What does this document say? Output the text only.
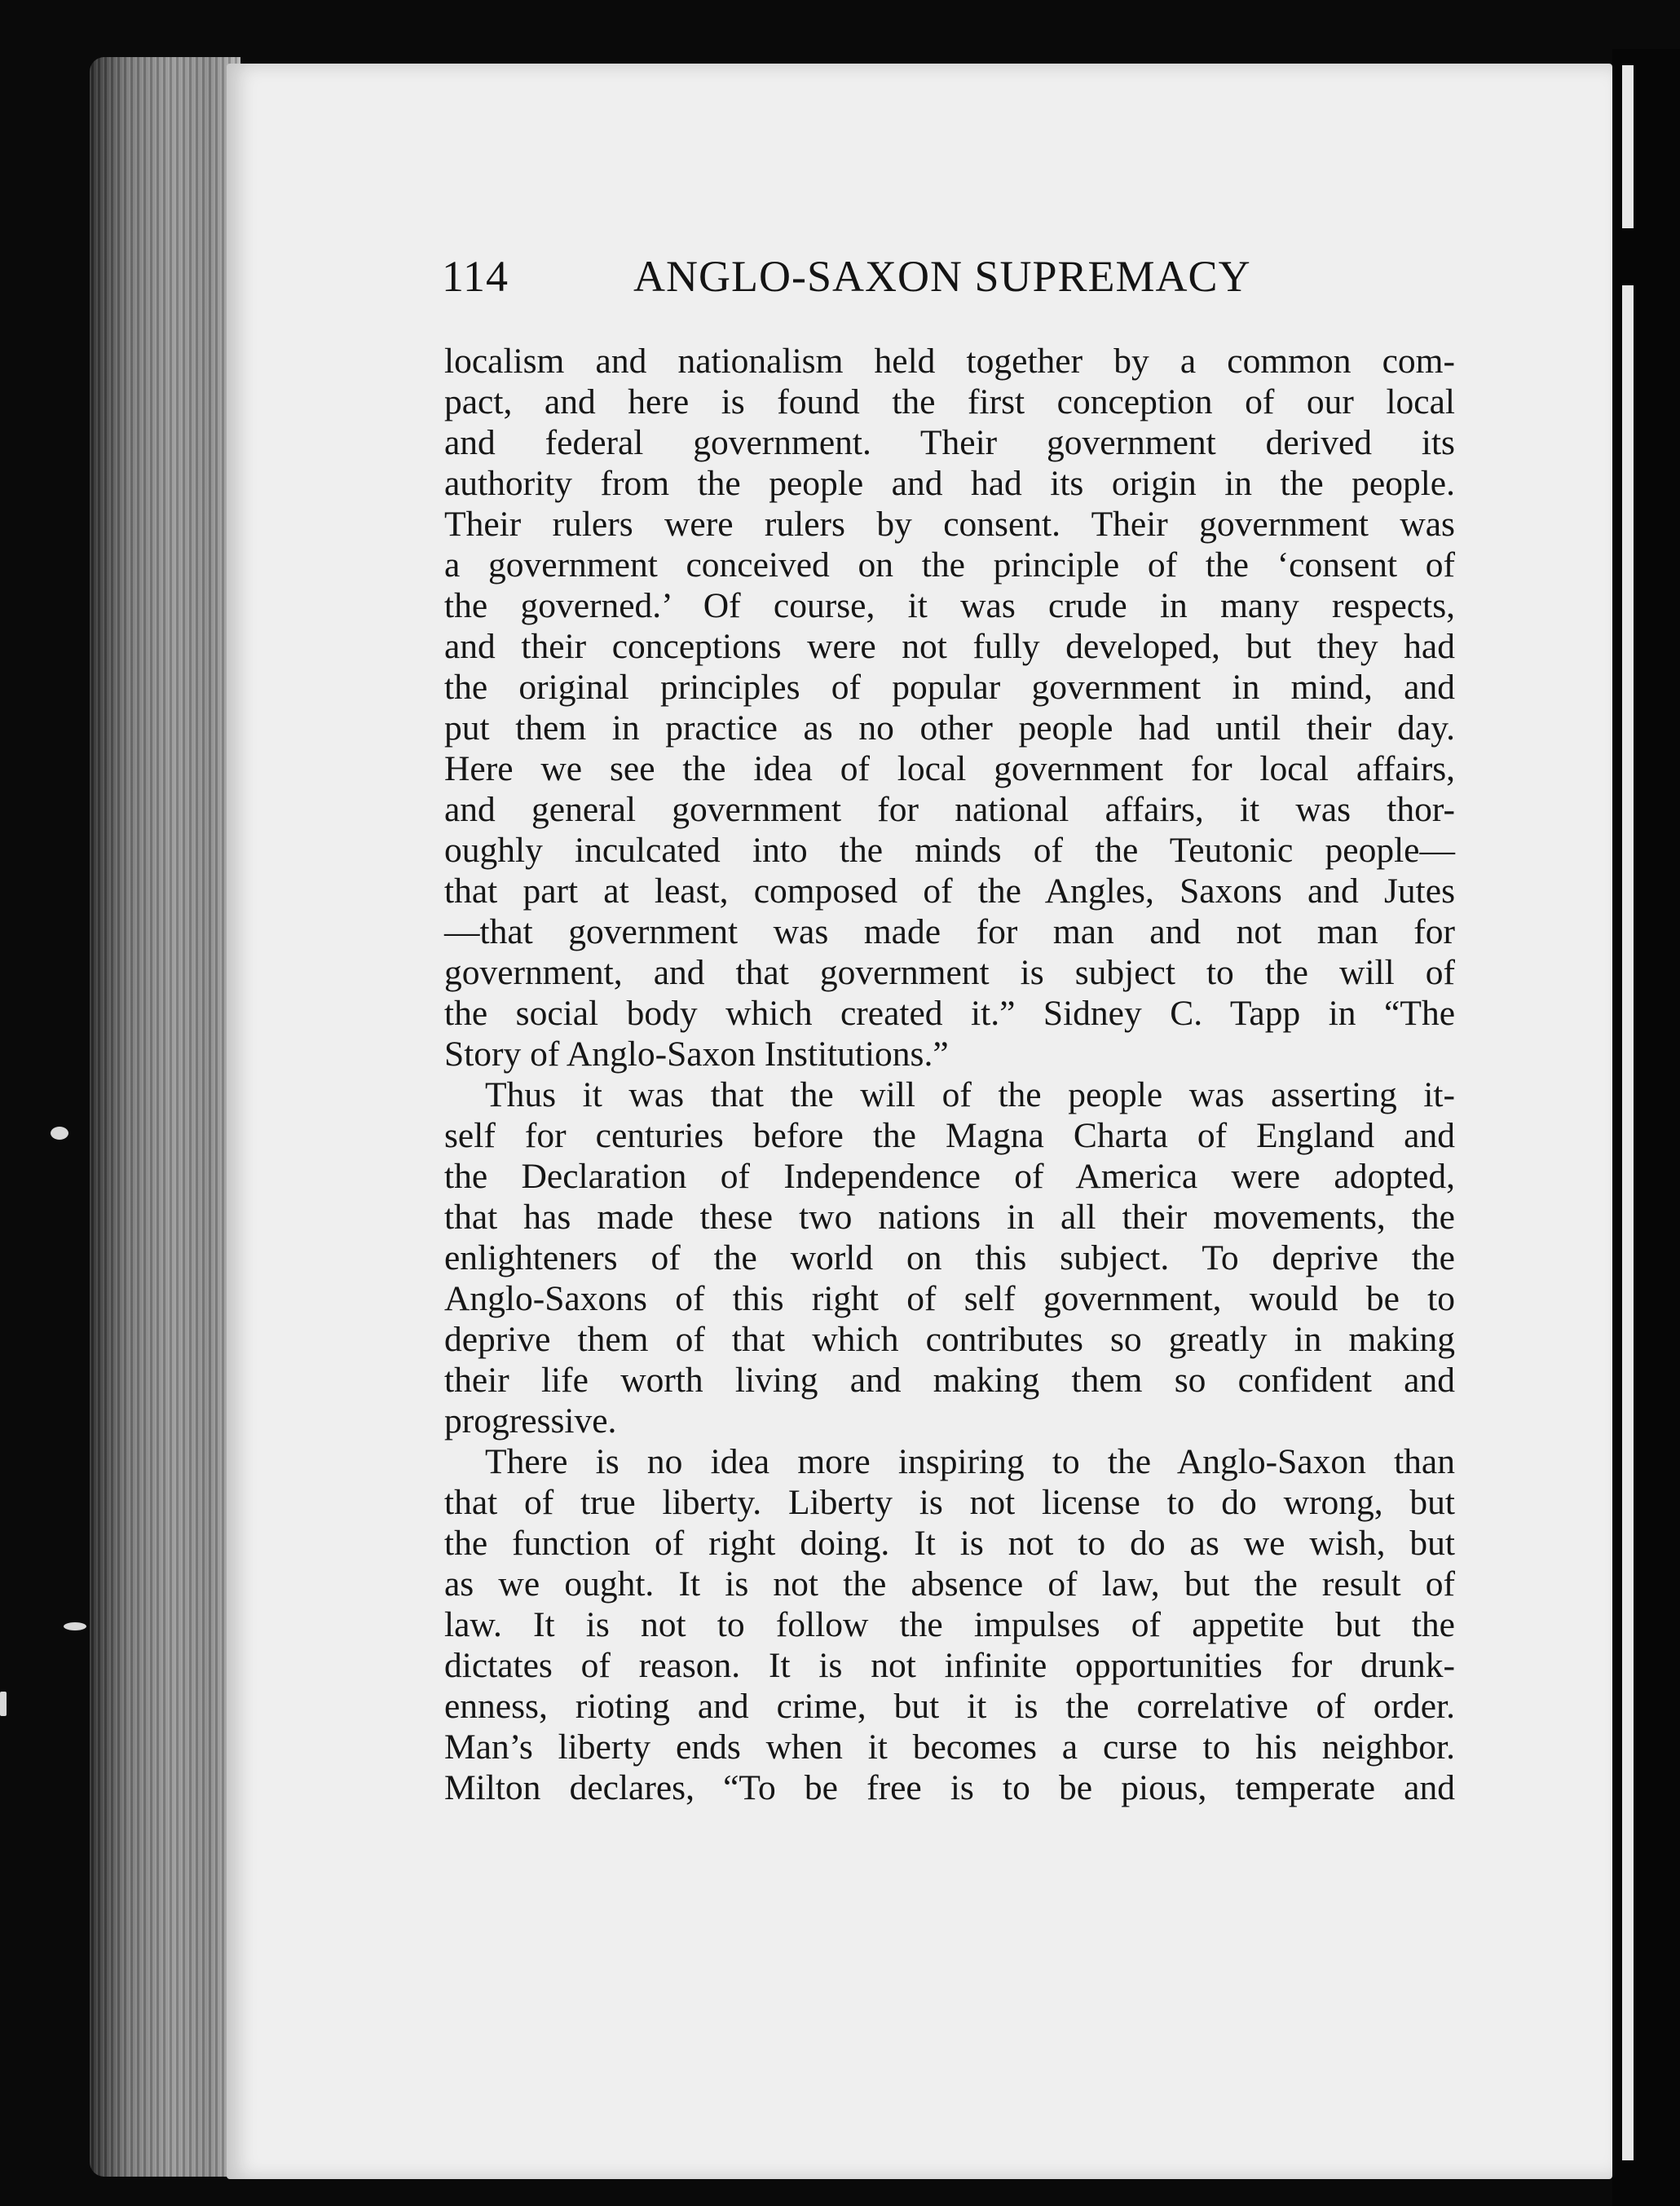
114	ANGLO-SAXON SUPREMACY
localism and nationalism held together by a common com-
pact, and here is found the first conception of our local
and federal government. Their government derived its
authority from the people and had its origin in the people.
Their rulers were rulers by consent. Their government was
a government conceived on the principle of the ‘consent of
the governed.’ Of course, it was crude in many respects,
and their conceptions were not fully developed, but they had
the original principles of popular government in mind, and
put them in practice as no other people had until their day.
Here we see the idea of local government for local affairs,
and general government for national affairs, it was thor-
oughly inculcated into the minds of the Teutonic people—
that part at least, composed of the Angles, Saxons and Jutes
—that government was made for man and not man for
government, and that government is subject to the will of
the social body which created it.” Sidney C. Tapp in “The
Story of Anglo-Saxon Institutions.”
Thus it was that the will of the people was asserting it-
self for centuries before the Magna Charta of England and
the Declaration of Independence of America were adopted,
that has made these two nations in all their movements, the
enlighteners of the world on this subject. To deprive the
Anglo-Saxons of this right of self government, would be to
deprive them of that which contributes so greatly in making
their life worth living and making them so confident and
progressive.
There is no idea more inspiring to the Anglo-Saxon than
that of true liberty. Liberty is not license to do wrong, but
the function of right doing. It is not to do as we wish, but
as we ought. It is not the absence of law, but the result of
law. It is not to follow the impulses of appetite but the
dictates of reason. It is not infinite opportunities for drunk-
enness, rioting and crime, but it is the correlative of order.
Man’s liberty ends when it becomes a curse to his neighbor.
Milton declares, “To be free is to be pious, temperate and
